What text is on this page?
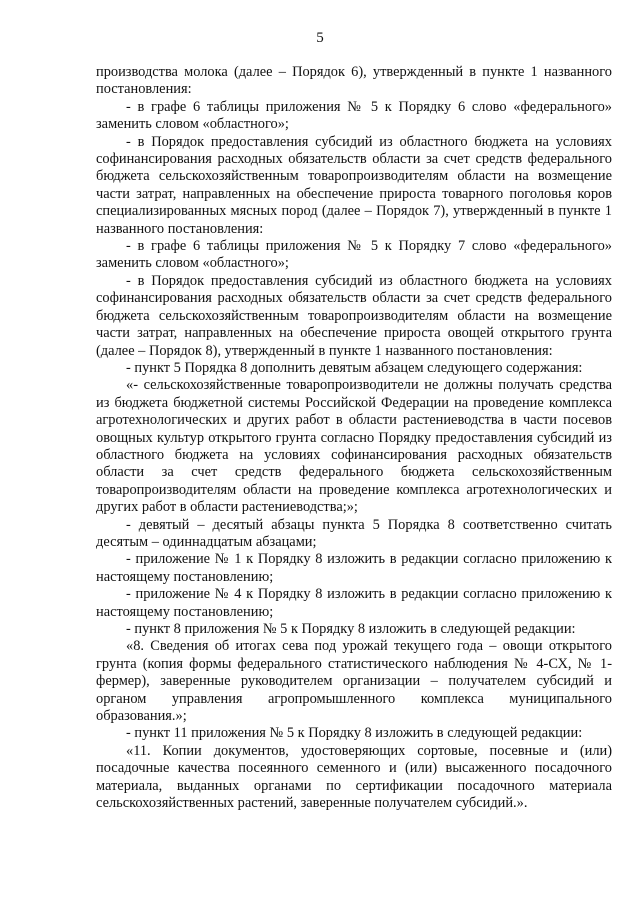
5

производства молока (далее – Порядок 6), утвержденный в пункте 1 названного постановления:

- в графе 6 таблицы приложения № 5 к Порядку 6 слово «федерального» заменить словом «областного»;

- в Порядок предоставления субсидий из областного бюджета на условиях софинансирования расходных обязательств области за счет средств федерального бюджета сельскохозяйственным товаропроизводителям области на возмещение части затрат, направленных на обеспечение прироста товарного поголовья коров специализированных мясных пород (далее – Порядок 7), утвержденный в пункте 1 названного постановления:

- в графе 6 таблицы приложения № 5 к Порядку 7 слово «федерального» заменить словом «областного»;

- в Порядок предоставления субсидий из областного бюджета на условиях софинансирования расходных обязательств области за счет средств федерального бюджета сельскохозяйственным товаропроизводителям области на возмещение части затрат, направленных на обеспечение прироста овощей открытого грунта (далее – Порядок 8), утвержденный в пункте 1 названного постановления:

- пункт 5 Порядка 8 дополнить девятым абзацем следующего содержания:

«- сельскохозяйственные товаропроизводители не должны получать средства из бюджета бюджетной системы Российской Федерации на проведение комплекса агротехнологических и других работ в области растениеводства в части посевов овощных культур открытого грунта согласно Порядку предоставления субсидий из областного бюджета на условиях софинансирования расходных обязательств области за счет средств федерального бюджета сельскохозяйственным товаропроизводителям области на проведение комплекса агротехнологических и других работ в области растениеводства;»;

- девятый – десятый абзацы пункта 5 Порядка 8 соответственно считать десятым – одиннадцатым абзацами;

- приложение № 1 к Порядку 8 изложить в редакции согласно приложению к настоящему постановлению;

- приложение № 4 к Порядку 8 изложить в редакции согласно приложению к настоящему постановлению;

- пункт 8 приложения № 5 к Порядку 8 изложить в следующей редакции:

«8. Сведения об итогах сева под урожай текущего года – овощи открытого грунта (копия формы федерального статистического наблюдения № 4-СХ, № 1-фермер), заверенные руководителем организации – получателем субсидий и органом управления агропромышленного комплекса муниципального образования.»;

- пункт 11 приложения № 5 к Порядку 8 изложить в следующей редакции:

«11. Копии документов, удостоверяющих сортовые, посевные и (или) посадочные качества посеянного семенного и (или) высаженного посадочного материала, выданных органами по сертификации посадочного материала сельскохозяйственных растений, заверенные получателем субсидий.».
